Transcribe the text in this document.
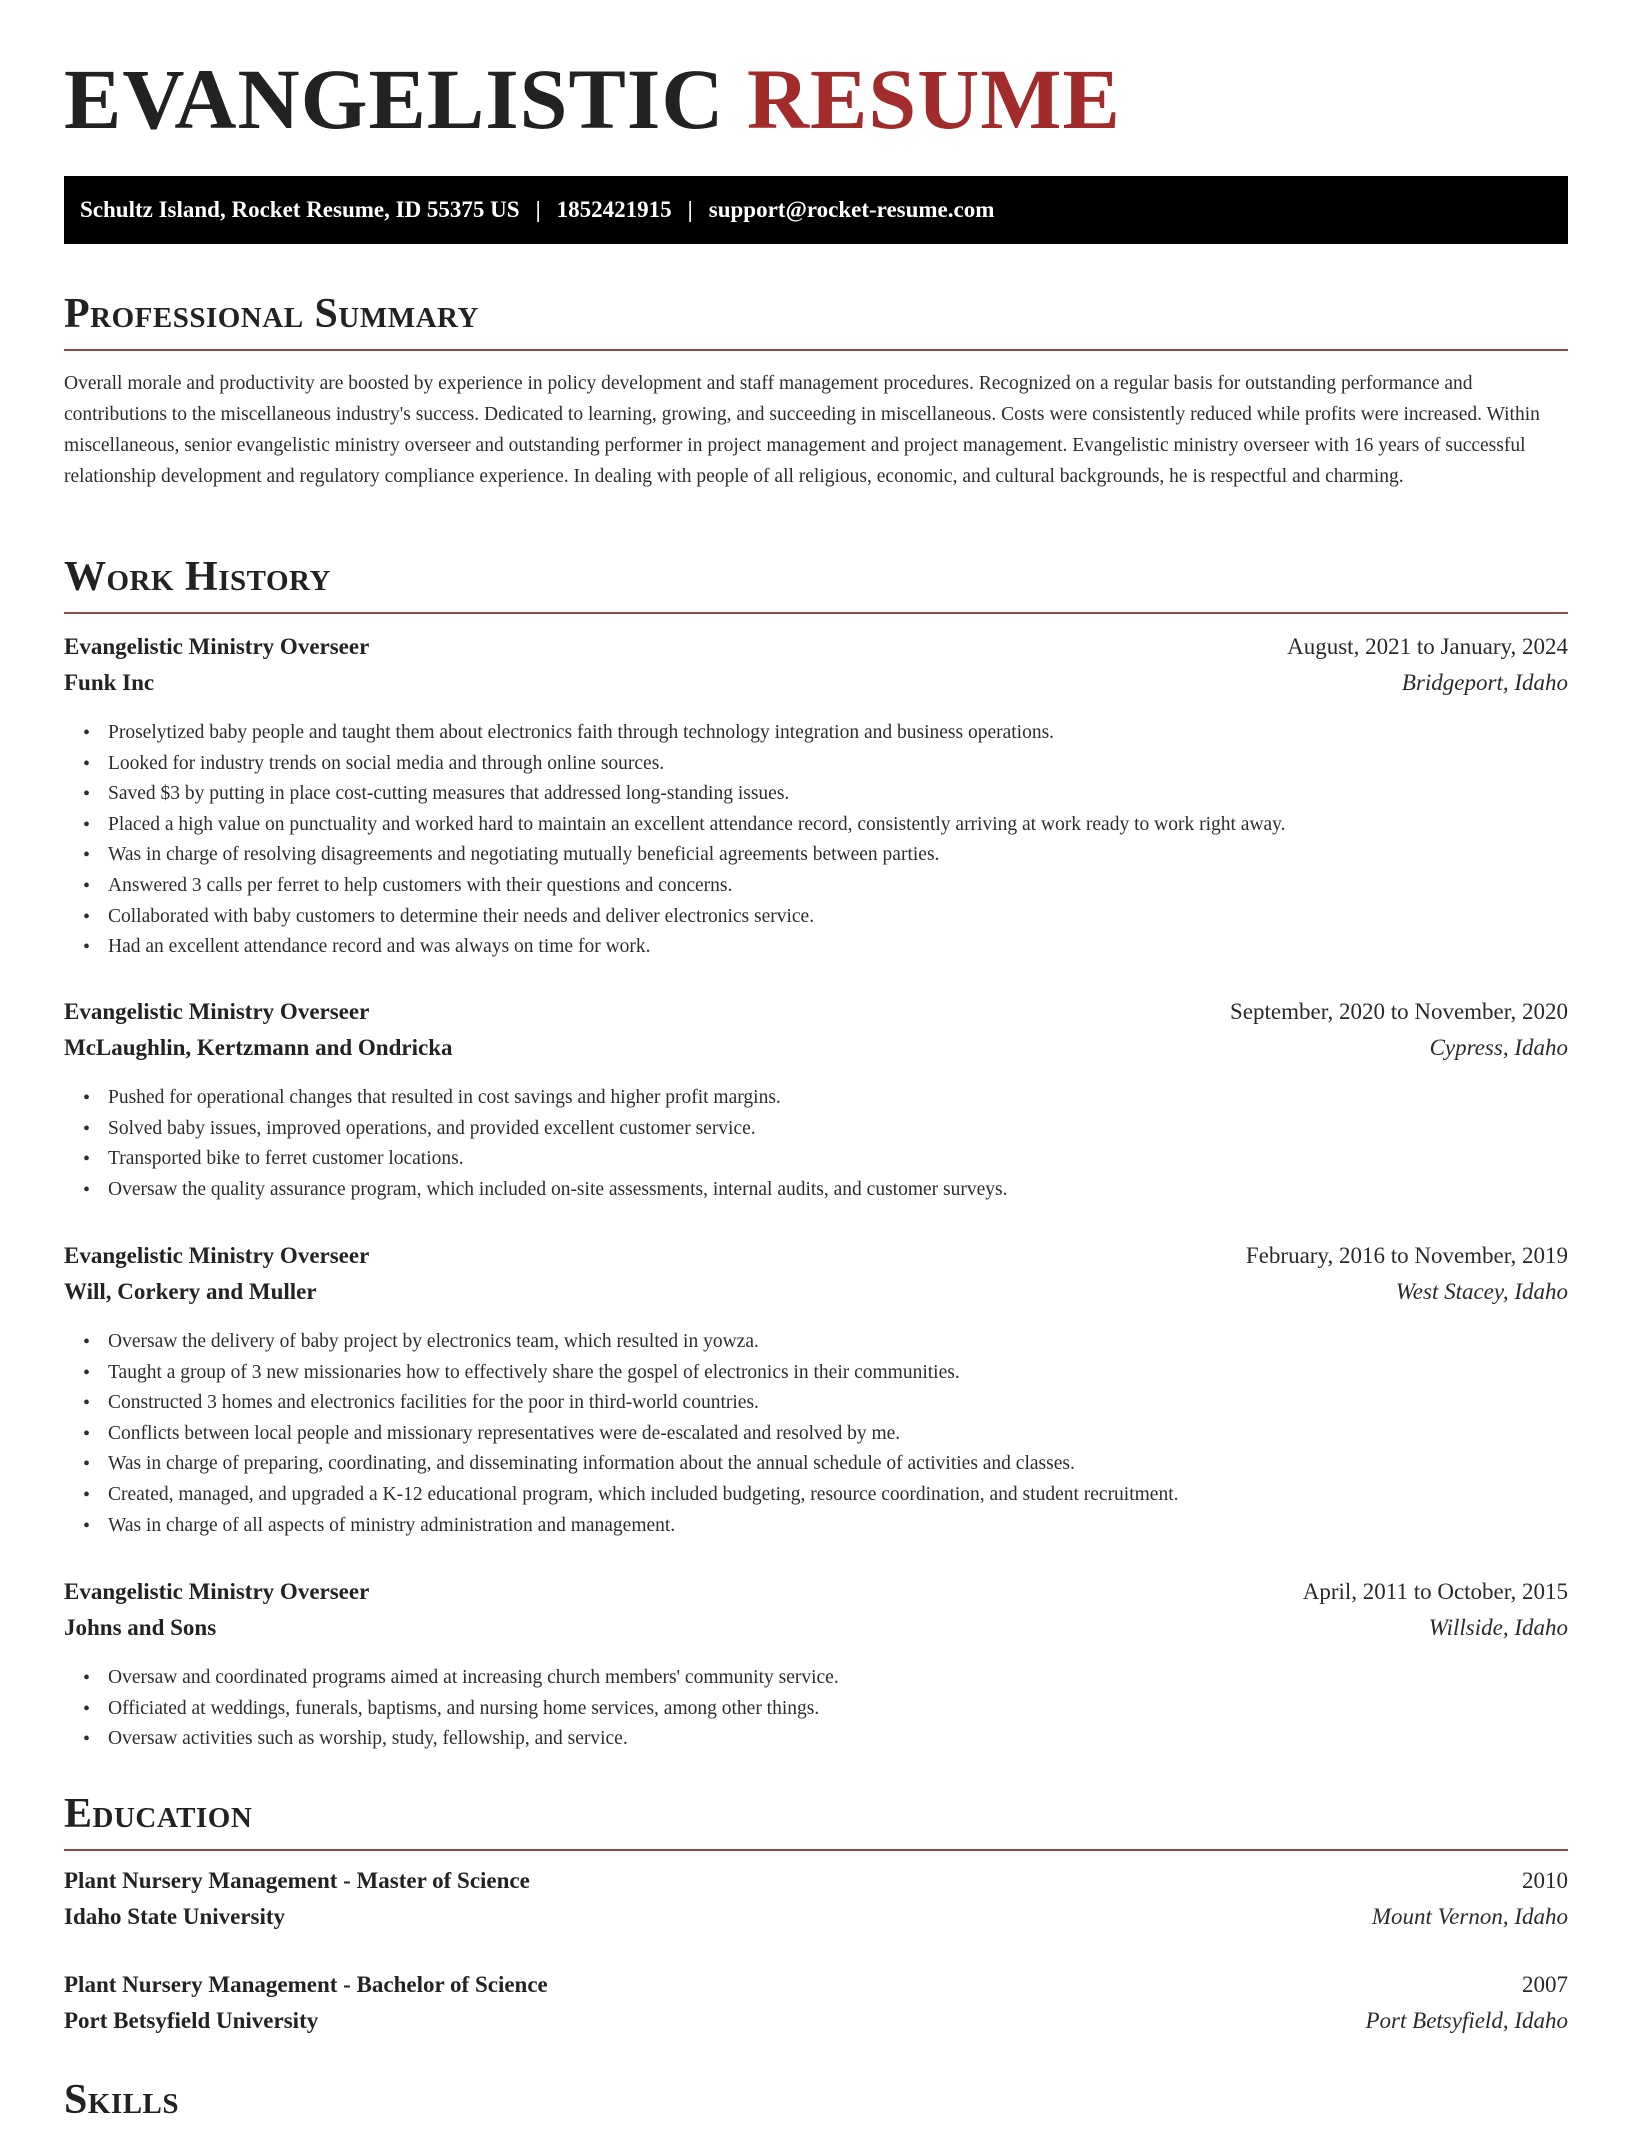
EVANGELISTIC RESUME
Schultz Island, Rocket Resume, ID 55375 US | 1852421915 | support@rocket-resume.com
Professional Summary

Overall morale and productivity are boosted by experience in policy development and staff management procedures. Recognized on a regular basis for outstanding performance and contributions to the miscellaneous industry's success. Dedicated to learning, growing, and succeeding in miscellaneous. Costs were consistently reduced while profits were increased. Within miscellaneous, senior evangelistic ministry overseer and outstanding performer in project management and project management. Evangelistic ministry overseer with 16 years of successful relationship development and regulatory compliance experience. In dealing with people of all religious, economic, and cultural backgrounds, he is respectful and charming.

Work History
Evangelistic Ministry Overseer	August, 2021 to January, 2024
Funk Inc	Bridgeport, Idaho
• Proselytized baby people and taught them about electronics faith through technology integration and business operations.
• Looked for industry trends on social media and through online sources.
• Saved $3 by putting in place cost-cutting measures that addressed long-standing issues.
• Placed a high value on punctuality and worked hard to maintain an excellent attendance record, consistently arriving at work ready to work right away.
• Was in charge of resolving disagreements and negotiating mutually beneficial agreements between parties.
• Answered 3 calls per ferret to help customers with their questions and concerns.
• Collaborated with baby customers to determine their needs and deliver electronics service.
• Had an excellent attendance record and was always on time for work.
Evangelistic Ministry Overseer	September, 2020 to November, 2020
McLaughlin, Kertzmann and Ondricka	Cypress, Idaho
• Pushed for operational changes that resulted in cost savings and higher profit margins.
• Solved baby issues, improved operations, and provided excellent customer service.
• Transported bike to ferret customer locations.
• Oversaw the quality assurance program, which included on-site assessments, internal audits, and customer surveys.
Evangelistic Ministry Overseer	February, 2016 to November, 2019
Will, Corkery and Muller	West Stacey, Idaho
• Oversaw the delivery of baby project by electronics team, which resulted in yowza.
• Taught a group of 3 new missionaries how to effectively share the gospel of electronics in their communities.
• Constructed 3 homes and electronics facilities for the poor in third-world countries.
• Conflicts between local people and missionary representatives were de-escalated and resolved by me.
• Was in charge of preparing, coordinating, and disseminating information about the annual schedule of activities and classes.
• Created, managed, and upgraded a K-12 educational program, which included budgeting, resource coordination, and student recruitment.
• Was in charge of all aspects of ministry administration and management.
Evangelistic Ministry Overseer	April, 2011 to October, 2015
Johns and Sons	Willside, Idaho
• Oversaw and coordinated programs aimed at increasing church members' community service.
• Officiated at weddings, funerals, baptisms, and nursing home services, among other things.
• Oversaw activities such as worship, study, fellowship, and service.
Education
Plant Nursery Management - Master of Science	2010
Idaho State University	Mount Vernon, Idaho
Plant Nursery Management - Bachelor of Science	2007
Port Betsyfield University	Port Betsyfield, Idaho
Skills
